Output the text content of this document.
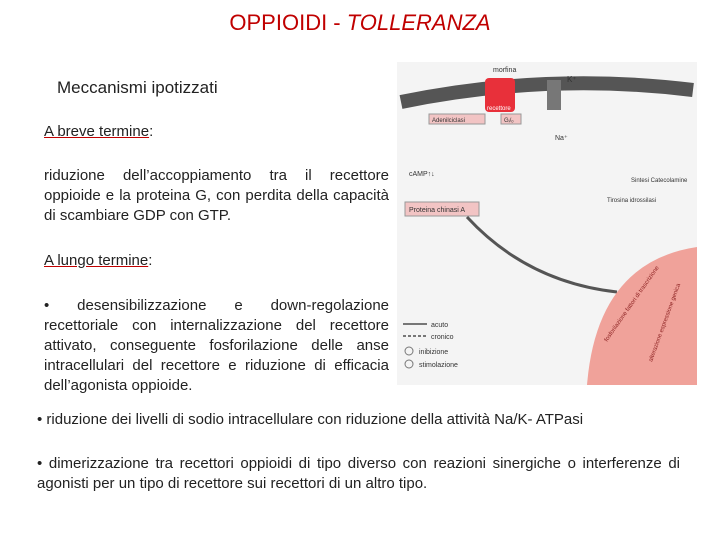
OPPIOIDI - TOLLERANZA
Meccanismi ipotizzati
A breve termine:
riduzione dell’accoppiamento tra il recettore oppioide e la proteina G, con perdita della capacità di scambiare GDP con GTP.
A lungo termine:
• desensibilizzazione e down-regolazione recettoriale con internalizzazione del recettore attivato, conseguente fosforilazione delle anse intracellulari del recettore e riduzione di efficacia dell’agonista oppioide.
• riduzione dei livelli di sodio intracellulare con riduzione della attività Na/K- ATPasi
• dimerizzazione tra recettori oppioidi di tipo diverso con reazioni sinergiche o interferenze di agonisti per un tipo di recettore sui recettori di un altro tipo.
recettore
morfina
K⁺
Na⁺
Adenilciclasi	Gᵢ/ₒ
cAMP↑↓
Proteina chinasi A
Tirosina idrossilasi
Sintesi Catecolamine
fosforilazione fattori di trascrizione
alterazione espressione genica
acuto
cronico
inibizione
stimolazione
